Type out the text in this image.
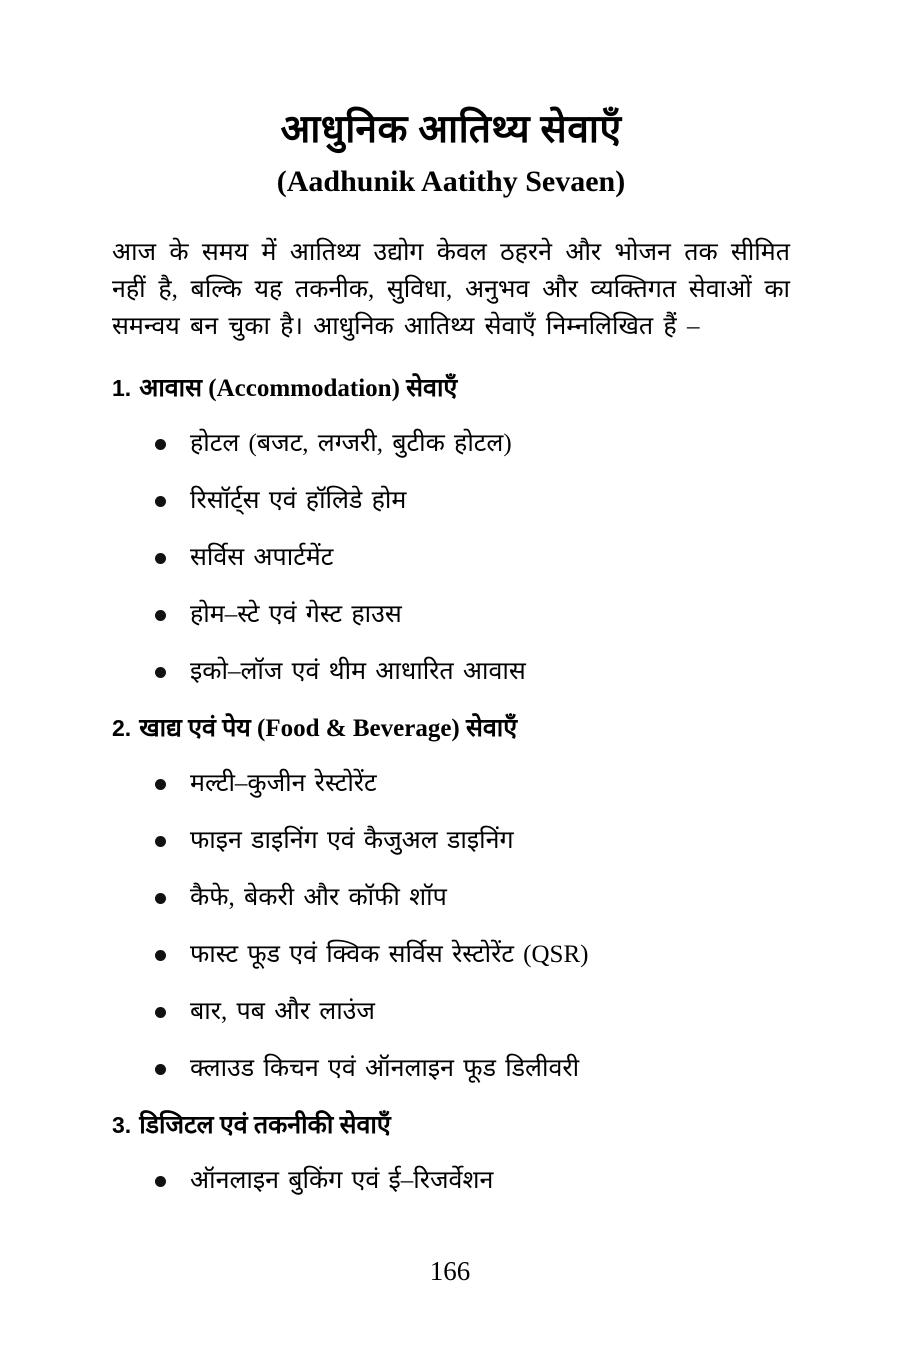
आधुनिक आतिथ्य सेवाएँ
(Aadhunik Aatithy Sevaen)

आज के समय में आतिथ्य उद्योग केवल ठहरने और भोजन तक सीमित नहीं है, बल्कि यह तकनीक, सुविधा, अनुभव और व्यक्तिगत सेवाओं का समन्वय बन चुका है। आधुनिक आतिथ्य सेवाएँ निम्नलिखित हैं –

1. आवास (Accommodation) सेवाएँ
होटल (बजट, लग्जरी, बुटीक होटल)
रिसॉर्ट्स एवं हॉलिडे होम
सर्विस अपार्टमेंट
होम–स्टे एवं गेस्ट हाउस
इको–लॉज एवं थीम आधारित आवास
2. खाद्य एवं पेय (Food & Beverage) सेवाएँ
मल्टी–कुजीन रेस्टोरेंट
फाइन डाइनिंग एवं कैजुअल डाइनिंग
कैफे, बेकरी और कॉफी शॉप
फास्ट फूड एवं क्विक सर्विस रेस्टोरेंट (QSR)
बार, पब और लाउंज
क्लाउड किचन एवं ऑनलाइन फूड डिलीवरी
3. डिजिटल एवं तकनीकी सेवाएँ
ऑनलाइन बुकिंग एवं ई–रिजर्वेशन
166
